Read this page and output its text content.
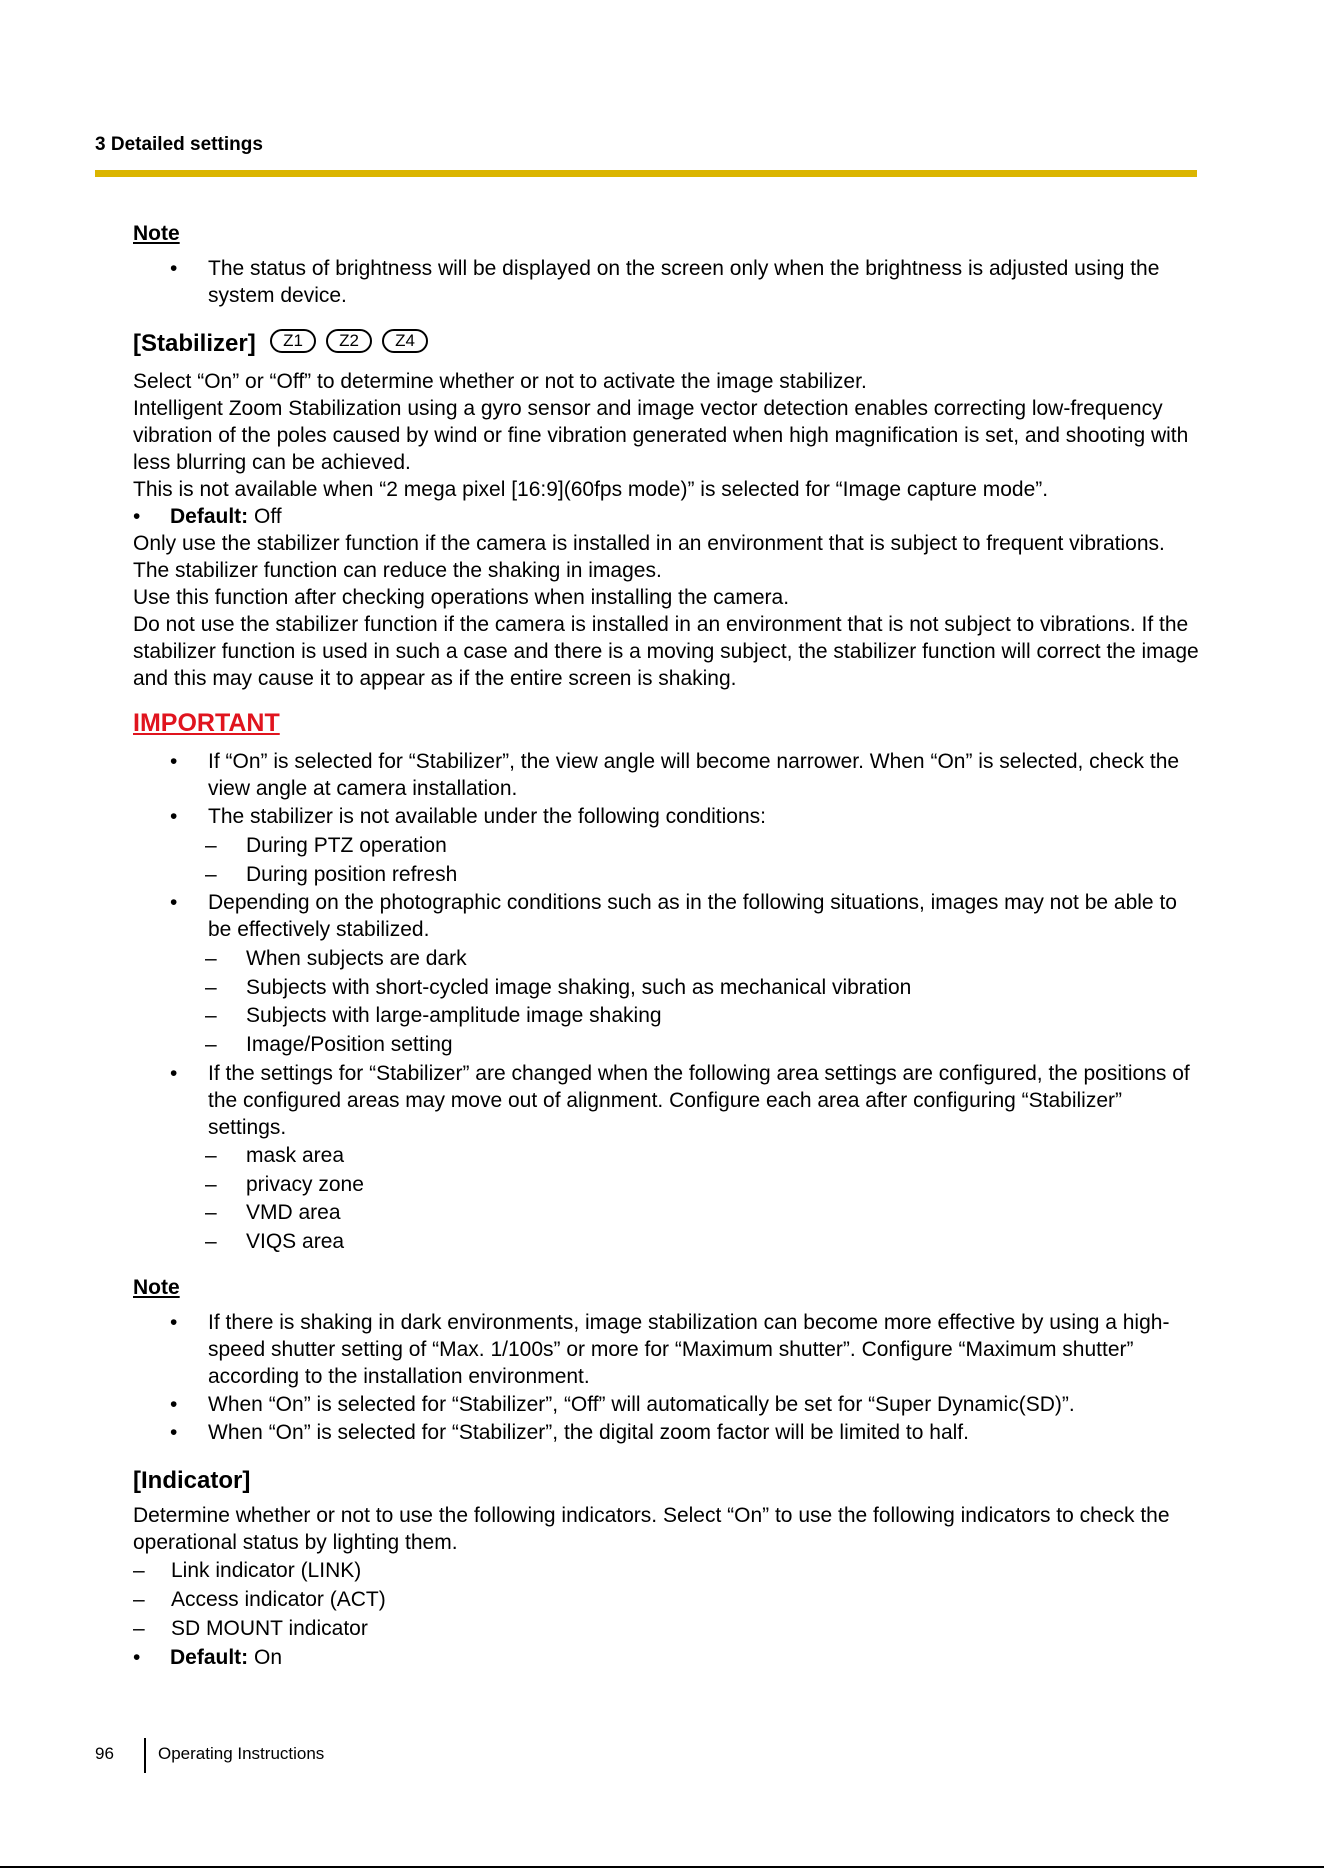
3 Detailed settings
Note
• The status of brightness will be displayed on the screen only when the brightness is adjusted using the system device.
[Stabilizer]	Z1	Z2	Z4
Select “On” or “Off” to determine whether or not to activate the image stabilizer.
Intelligent Zoom Stabilization using a gyro sensor and image vector detection enables correcting low-frequency vibration of the poles caused by wind or fine vibration generated when high magnification is set, and shooting with less blurring can be achieved.
This is not available when “2 mega pixel [16:9](60fps mode)” is selected for “Image capture mode”.
• Default: Off
Only use the stabilizer function if the camera is installed in an environment that is subject to frequent vibrations.
The stabilizer function can reduce the shaking in images.
Use this function after checking operations when installing the camera.
Do not use the stabilizer function if the camera is installed in an environment that is not subject to vibrations. If the stabilizer function is used in such a case and there is a moving subject, the stabilizer function will correct the image and this may cause it to appear as if the entire screen is shaking.
IMPORTANT
• If “On” is selected for “Stabilizer”, the view angle will become narrower. When “On” is selected, check the view angle at camera installation.
• The stabilizer is not available under the following conditions:
– During PTZ operation
– During position refresh
• Depending on the photographic conditions such as in the following situations, images may not be able to be effectively stabilized.
– When subjects are dark
– Subjects with short-cycled image shaking, such as mechanical vibration
– Subjects with large-amplitude image shaking
– Image/Position setting
• If the settings for “Stabilizer” are changed when the following area settings are configured, the positions of the configured areas may move out of alignment. Configure each area after configuring “Stabilizer” settings.
– mask area
– privacy zone
– VMD area
– VIQS area
Note
• If there is shaking in dark environments, image stabilization can become more effective by using a high-speed shutter setting of “Max. 1/100s” or more for “Maximum shutter”. Configure “Maximum shutter” according to the installation environment.
• When “On” is selected for “Stabilizer”, “Off” will automatically be set for “Super Dynamic(SD)”.
• When “On” is selected for “Stabilizer”, the digital zoom factor will be limited to half.
[Indicator]
Determine whether or not to use the following indicators. Select “On” to use the following indicators to check the operational status by lighting them.
– Link indicator (LINK)
– Access indicator (ACT)
– SD MOUNT indicator
• Default: On
96	Operating Instructions
